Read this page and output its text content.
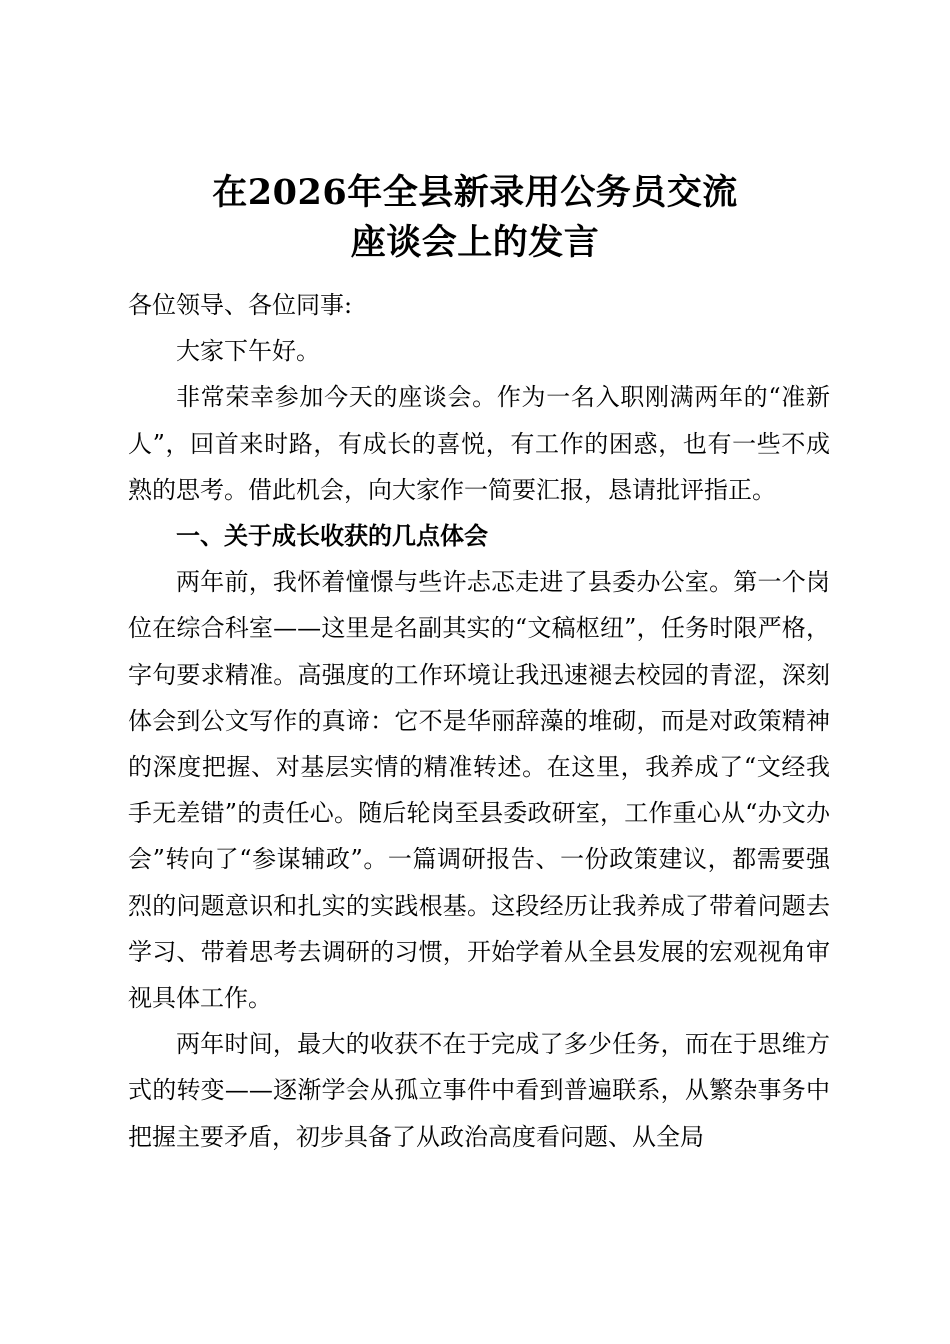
在2026年全县新录用公务员交流
座谈会上的发言

各位领导、各位同事:

大家下午好。

非常荣幸参加今天的座谈会。作为一名入职刚满两年的“准新人”，回首来时路，有成长的喜悦，有工作的困惑，也有一些不成熟的思考。借此机会，向大家作一简要汇报，恳请批评指正。

一、关于成长收获的几点体会

两年前，我怀着憧憬与些许忐忑走进了县委办公室。第一个岗位在综合科室——这里是名副其实的“文稿枢纽”，任务时限严格，字句要求精准。高强度的工作环境让我迅速褪去校园的青涩，深刻体会到公文写作的真谛：它不是华丽辞藻的堆砌，而是对政策精神的深度把握、对基层实情的精准转述。在这里，我养成了“文经我手无差错”的责任心。随后轮岗至县委政研室，工作重心从“办文办会”转向了“参谋辅政”。一篇调研报告、一份政策建议，都需要强烈的问题意识和扎实的实践根基。这段经历让我养成了带着问题去学习、带着思考去调研的习惯，开始学着从全县发展的宏观视角审视具体工作。

两年时间，最大的收获不在于完成了多少任务，而在于思维方式的转变——逐渐学会从孤立事件中看到普遍联系，从繁杂事务中把握主要矛盾，初步具备了从政治高度看问题、从全局
